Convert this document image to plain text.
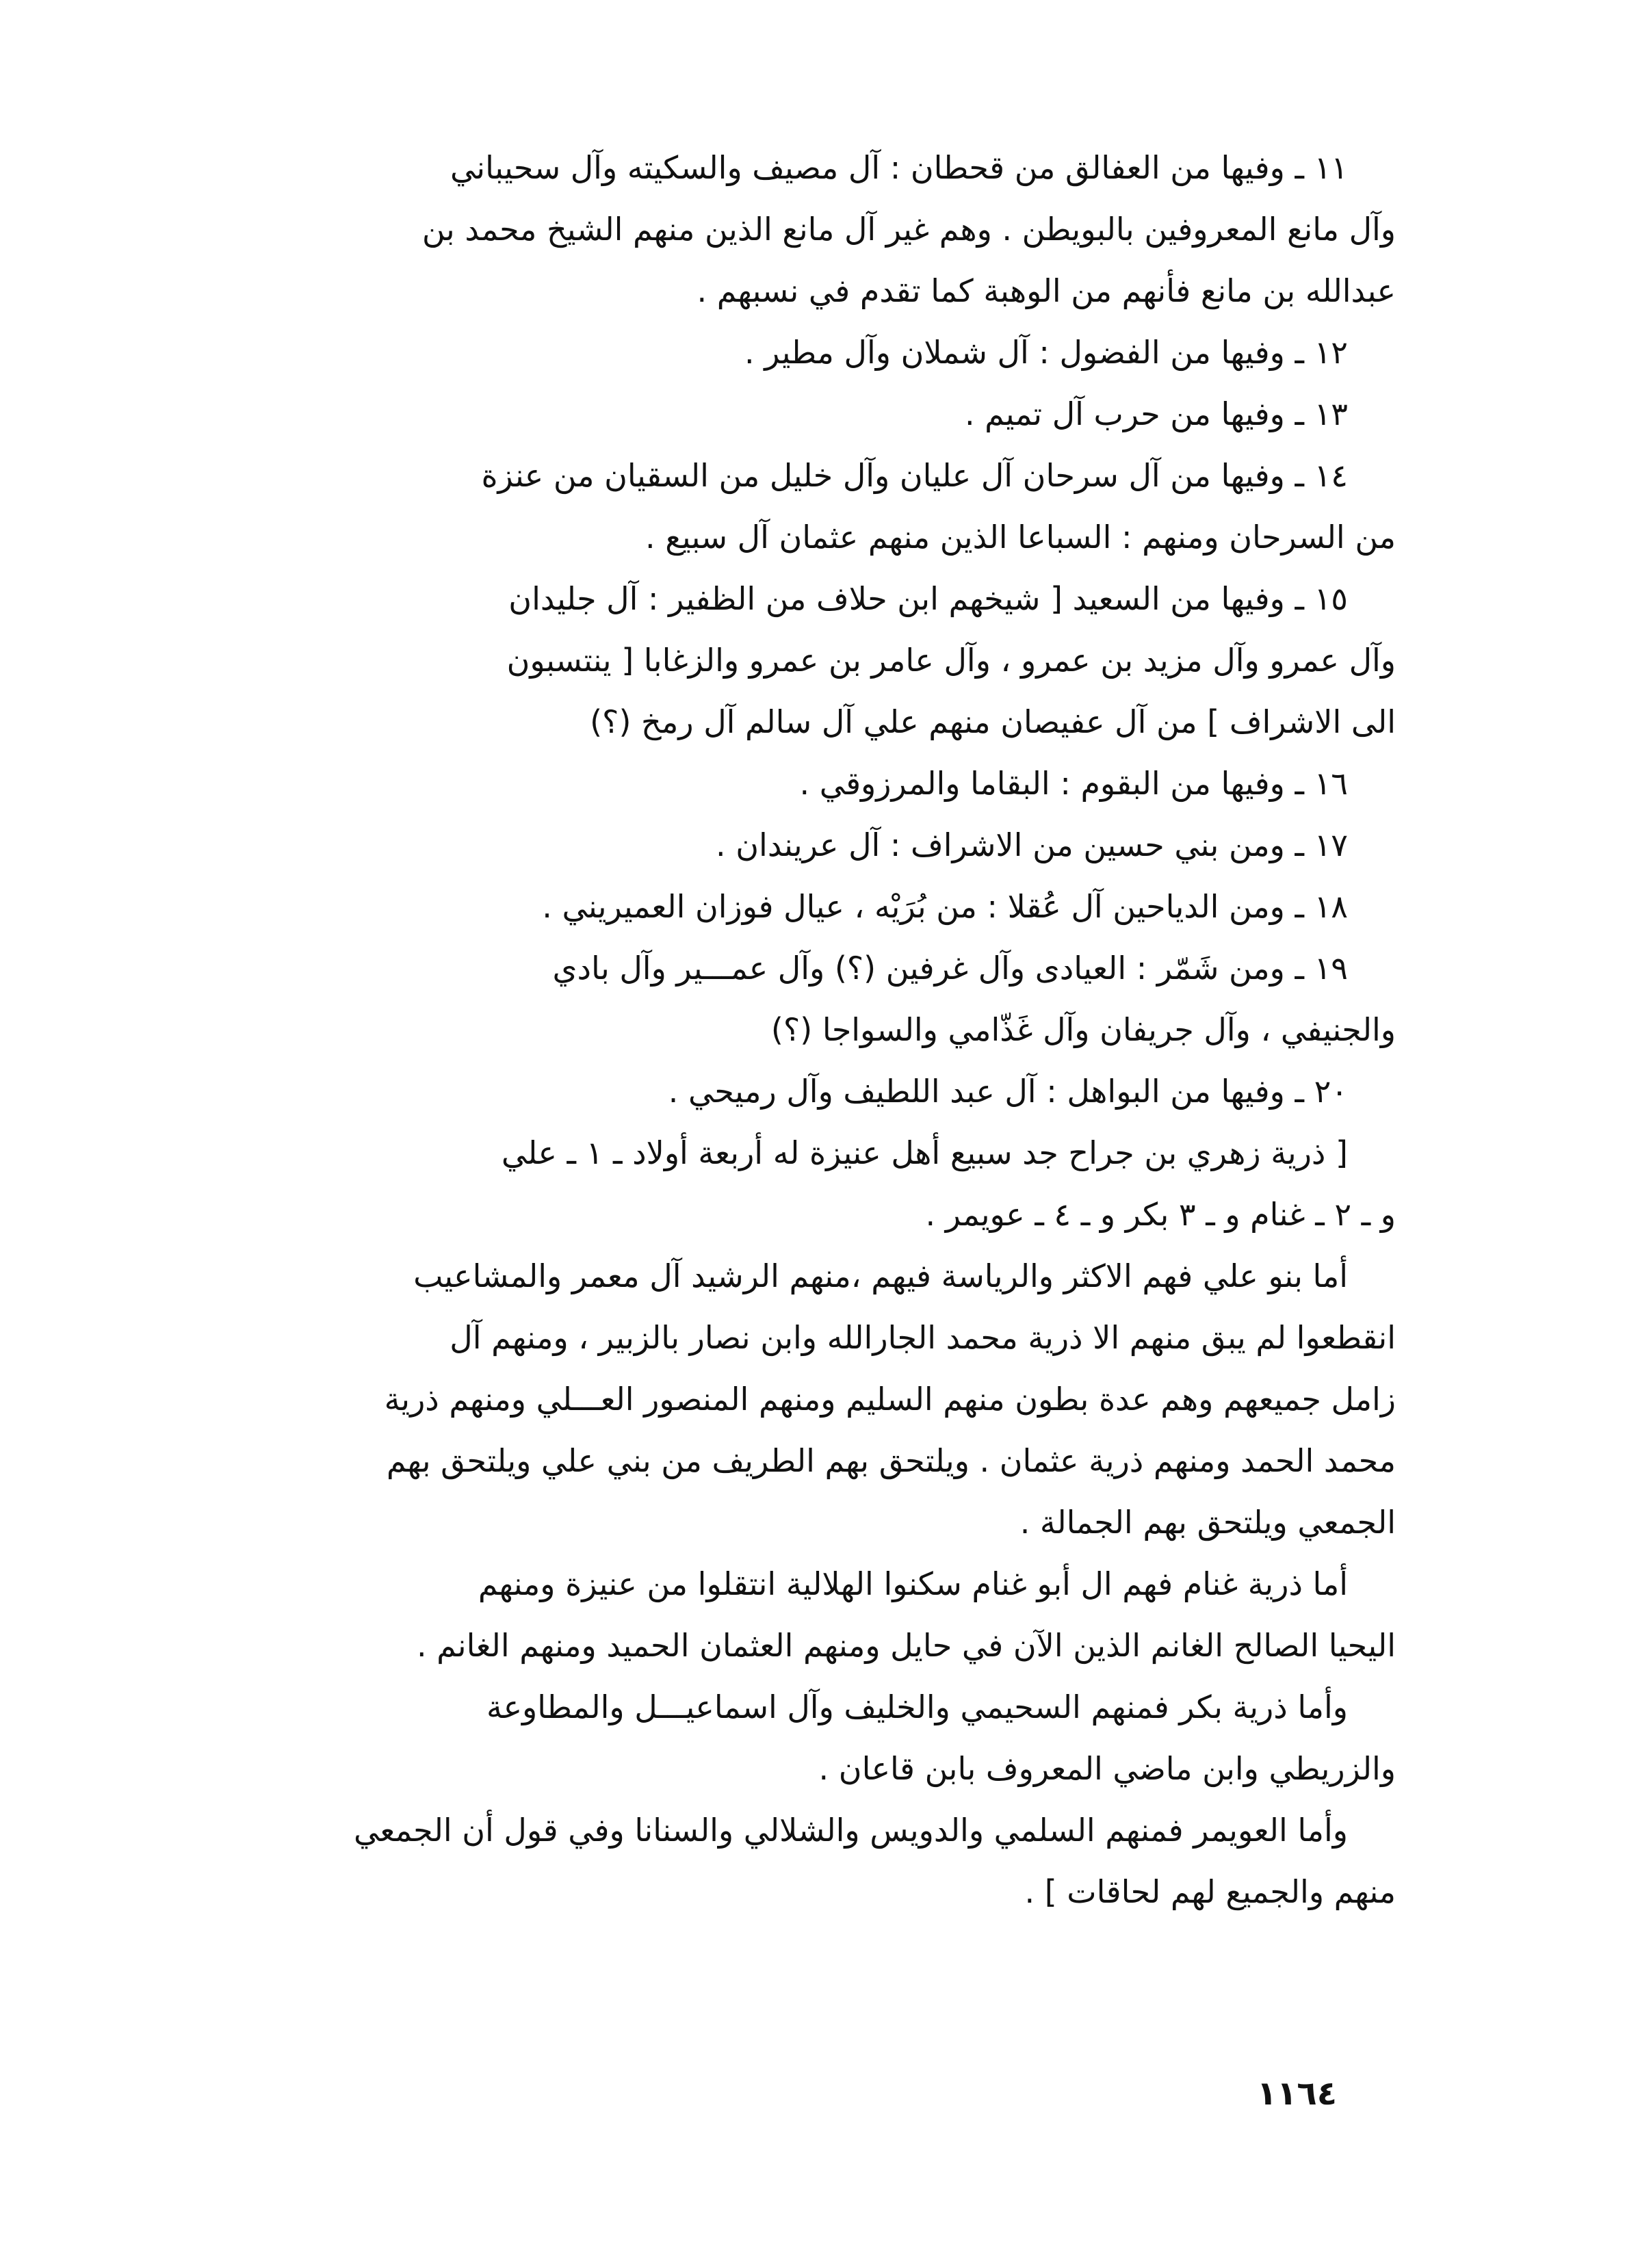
١١ ـ وفيها من العفالق من قحطان : آل مصيف والسكيته وآل سحيباني
وآل مانع المعروفين بالبويطن . وهم غير آل مانع الذين منهم الشيخ محمد بن
عبدالله بن مانع فأنهم من الوهبة كما تقدم في نسبهم .
١٢ ـ وفيها من الفضول : آل شملان وآل مطير .
١٣ ـ وفيها من حرب آل تميم .
١٤ ـ وفيها من آل سرحان آل عليان وآل خليل من السقيان من عنزة
من السرحان ومنهم : السباعا الذين منهم عثمان آل سبيع .
١٥ ـ وفيها من السعيد [ شيخهم ابن حلاف من الظفير : آل جليدان
وآل عمرو وآل مزيد بن عمرو ، وآل عامر بن عمرو والزغابا [ ينتسبون
الى الاشراف ] من آل عفيصان منهم علي آل سالم آل رمخ (؟)
١٦ ـ وفيها من البقوم : البقاما والمرزوقي .
١٧ ـ ومن بني حسين من الاشراف : آل عريندان .
١٨ ـ ومن الدياحين آل عُقلا : من بُرَيْه ، عيال فوزان العميريني .
١٩ ـ ومن شَمّر : العيادى وآل غرفين (؟) وآل عمـــير وآل بادي
والجنيفي ، وآل جريفان وآل غَذّامي والسواجا (؟)
٢٠ ـ وفيها من البواهل : آل عبد اللطيف وآل رميحي .
[ ذرية زهري بن جراح جد سبيع أهل عنيزة له أربعة أولاد ـ ١ ـ علي
و ـ ٢ ـ غنام و ـ ٣ بكر و ـ ٤ ـ عويمر .
أما بنو علي فهم الاكثر والرياسة فيهم ،منهم الرشيد آل معمر والمشاعيب
انقطعوا لم يبق منهم الا ذرية محمد الجارالله وابن نصار بالزبير ، ومنهم آل
زامل جميعهم وهم عدة بطون منهم السليم ومنهم المنصور العـــلي ومنهم ذرية
محمد الحمد ومنهم ذرية عثمان . ويلتحق بهم الطريف من بني علي ويلتحق بهم
الجمعي ويلتحق بهم الجمالة .
أما ذرية غنام فهم ال أبو غنام سكنوا الهلالية انتقلوا من عنيزة ومنهم
اليحيا الصالح الغانم الذين الآن في حايل ومنهم العثمان الحميد ومنهم الغانم .
وأما ذرية بكر فمنهم السحيمي والخليف وآل اسماعيـــل والمطاوعة
والزريطي وابن ماضي المعروف بابن قاعان .
وأما العويمر فمنهم السلمي والدويس والشلالي والسنانا وفي قول أن الجمعي
منهم والجميع لهم لحاقات ] .
١١٦٤
